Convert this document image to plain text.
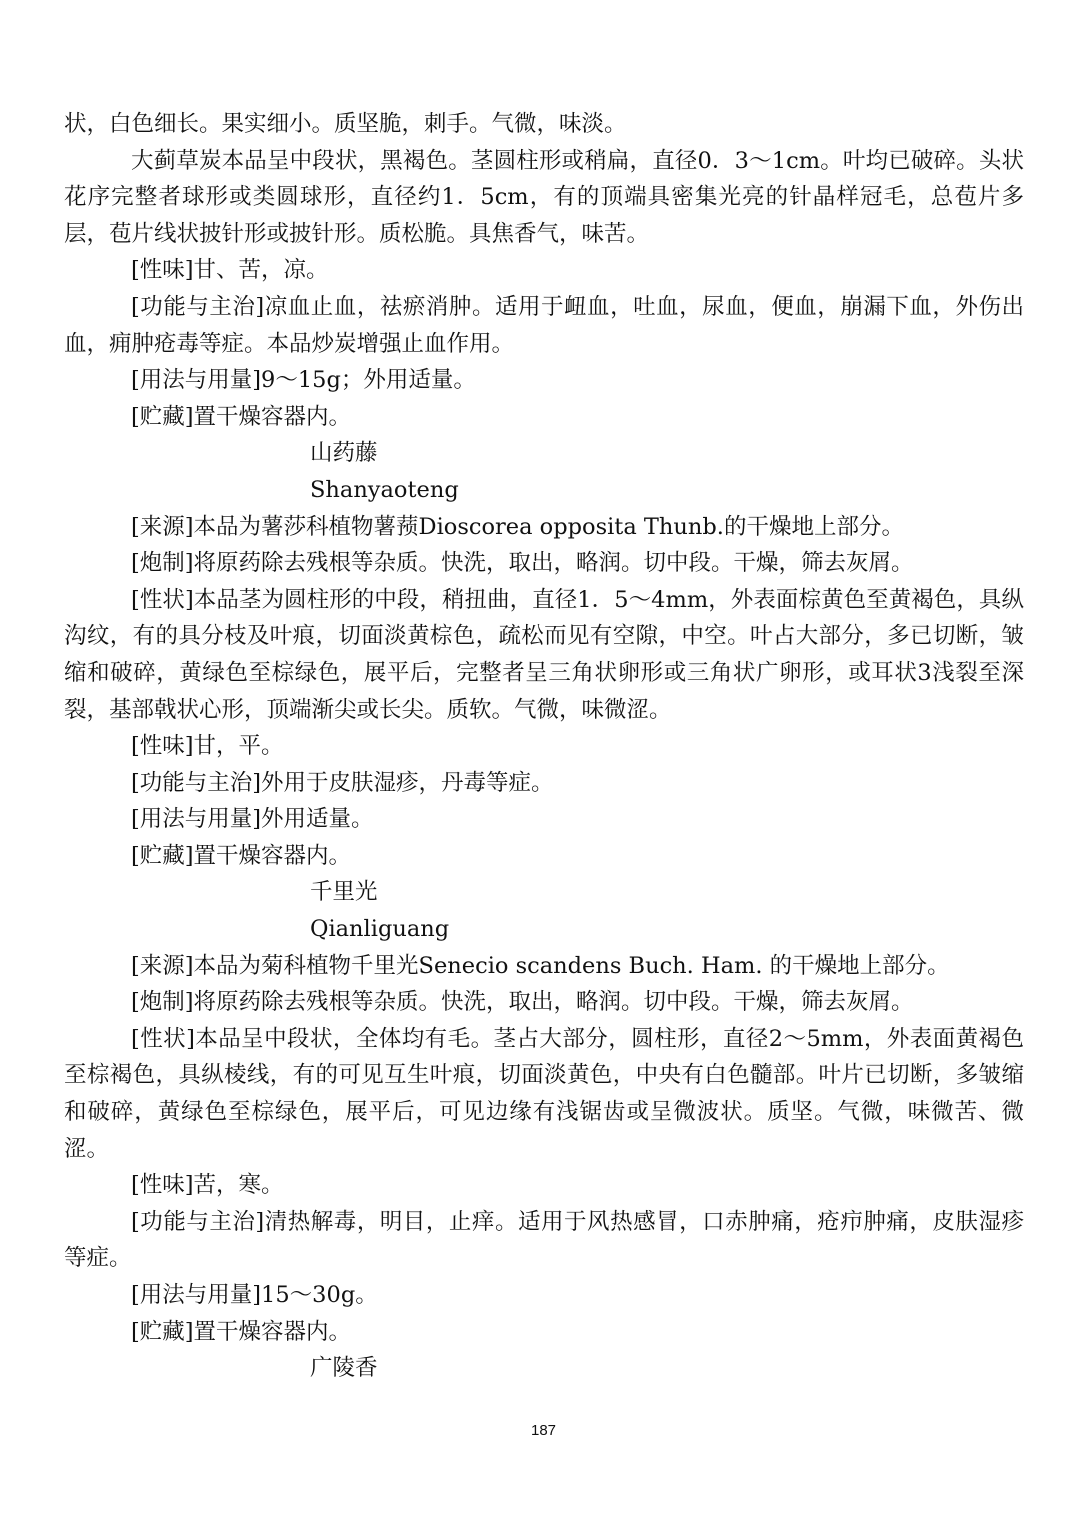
状，白色细长。果实细小。质坚脆，刺手。气微，味淡。

大蓟草炭本品呈中段状，黑褐色。茎圆柱形或稍扁，直径0．3～1cm。叶均已破碎。头状花序完整者球形或类圆球形，直径约1．5cm，有的顶端具密集光亮的针晶样冠毛，总苞片多层，苞片线状披针形或披针形。质松脆。具焦香气，味苦。

[性味]甘、苦，凉。

[功能与主治]凉血止血，祛瘀消肿。适用于衄血，吐血，尿血，便血，崩漏下血，外伤出血，痈肿疮毒等症。本品炒炭增强止血作用。

[用法与用量]9～15g；外用适量。

[贮藏]置干燥容器内。

山药藤

Shanyaoteng

[来源]本品为薯莎科植物薯蓣Dioscorea opposita Thunb.的干燥地上部分。

[炮制]将原药除去残根等杂质。快洗，取出，略润。切中段。干燥，筛去灰屑。

[性状]本品茎为圆柱形的中段，稍扭曲，直径1．5～4mm，外表面棕黄色至黄褐色，具纵沟纹，有的具分枝及叶痕，切面淡黄棕色，疏松而见有空隙，中空。叶占大部分，多已切断，皱缩和破碎，黄绿色至棕绿色，展平后，完整者呈三角状卵形或三角状广卵形，或耳状3浅裂至深裂，基部戟状心形，顶端渐尖或长尖。质软。气微，味微涩。

[性味]甘，平。

[功能与主治]外用于皮肤湿疹，丹毒等症。

[用法与用量]外用适量。

[贮藏]置干燥容器内。

千里光

Qianliguang

[来源]本品为菊科植物千里光Senecio scandens Buch. Ham. 的干燥地上部分。

[炮制]将原药除去残根等杂质。快洗，取出，略润。切中段。干燥，筛去灰屑。

[性状]本品呈中段状，全体均有毛。茎占大部分，圆柱形，直径2～5mm，外表面黄褐色至棕褐色，具纵棱线，有的可见互生叶痕，切面淡黄色，中央有白色髓部。叶片已切断，多皱缩和破碎，黄绿色至棕绿色，展平后，可见边缘有浅锯齿或呈微波状。质坚。气微，味微苦、微涩。

[性味]苦，寒。

[功能与主治]清热解毒，明目，止痒。适用于风热感冒，口赤肿痛，疮疖肿痛，皮肤湿疹等症。

[用法与用量]15～30g。

[贮藏]置干燥容器内。

广陵香

187
